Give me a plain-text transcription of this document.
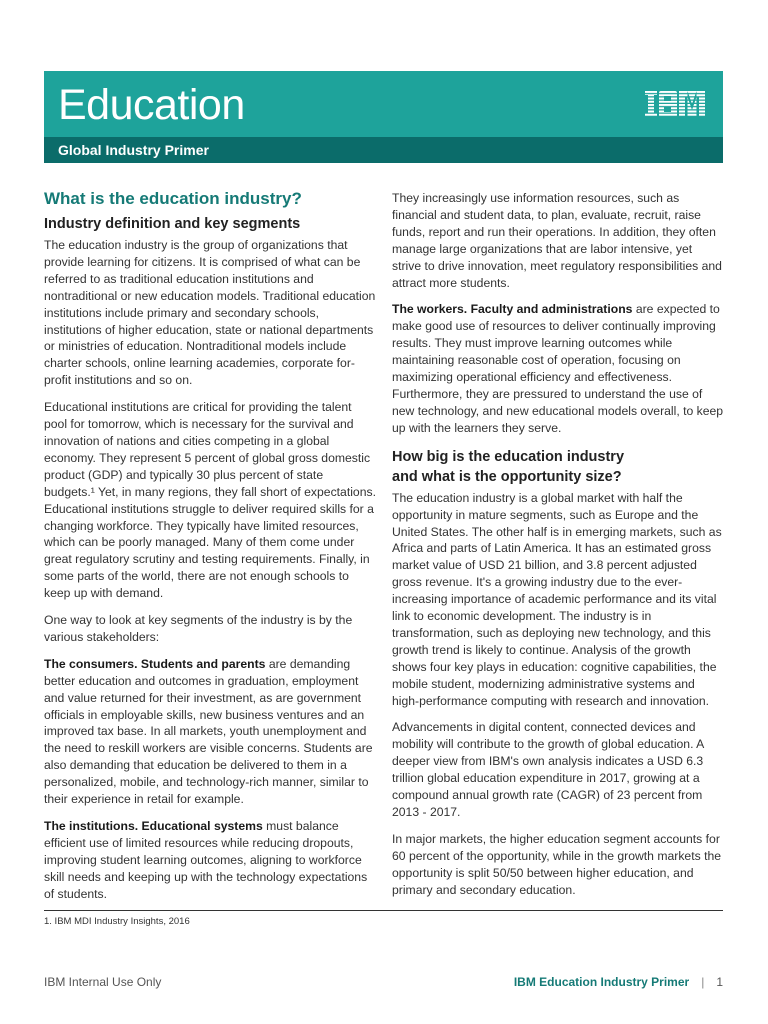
Education
Global Industry Primer
What is the education industry?
Industry definition and key segments

The education industry is the group of organizations that provide learning for citizens. It is comprised of what can be referred to as traditional education institutions and nontraditional or new education models. Traditional education institutions include primary and secondary schools, institutions of higher education, state or national departments or ministries of education. Nontraditional models include charter schools, online learning academies, corporate for-profit institutions and so on.

Educational institutions are critical for providing the talent pool for tomorrow, which is necessary for the survival and innovation of nations and cities competing in a global economy. They represent 5 percent of global gross domestic product (GDP) and typically 30 plus percent of state budgets.¹ Yet, in many regions, they fall short of expectations. Educational institutions struggle to deliver required skills for a changing workforce. They typically have limited resources, which can be poorly managed. Many of them come under great regulatory scrutiny and testing requirements. Finally, in some parts of the world, there are not enough schools to keep up with demand.

One way to look at key segments of the industry is by the various stakeholders:

The consumers. Students and parents are demanding better education and outcomes in graduation, employment and value returned for their investment, as are government officials in employable skills, new business ventures and an improved tax base. In all markets, youth unemployment and the need to reskill workers are visible concerns. Students are also demanding that education be delivered to them in a personalized, mobile, and technology-rich manner, similar to their experience in retail for example.

The institutions. Educational systems must balance efficient use of limited resources while reducing dropouts, improving student learning outcomes, aligning to workforce skill needs and keeping up with the technology expectations of students.

They increasingly use information resources, such as financial and student data, to plan, evaluate, recruit, raise funds, report and run their operations. In addition, they often manage large organizations that are labor intensive, yet strive to drive innovation, meet regulatory responsibilities and attract more students.

The workers. Faculty and administrations are expected to make good use of resources to deliver continually improving results. They must improve learning outcomes while maintaining reasonable cost of operation, focusing on maximizing operational efficiency and effectiveness. Furthermore, they are pressured to understand the use of new technology, and new educational models overall, to keep up with the learners they serve.

How big is the education industry
and what is the opportunity size?

The education industry is a global market with half the opportunity in mature segments, such as Europe and the United States. The other half is in emerging markets, such as Africa and parts of Latin America. It has an estimated gross market value of USD 21 billion, and 3.8 percent adjusted gross revenue. It's a growing industry due to the ever-increasing importance of academic performance and its vital link to economic development. The industry is in transformation, such as deploying new technology, and this growth trend is likely to continue. Analysis of the growth shows four key plays in education: cognitive capabilities, the mobile student, modernizing administrative systems and high-performance computing with research and innovation.

Advancements in digital content, connected devices and mobility will contribute to the growth of global education. A deeper view from IBM's own analysis indicates a USD 6.3 trillion global education expenditure in 2017, growing at a compound annual growth rate (CAGR) of 23 percent from 2013 - 2017.

In major markets, the higher education segment accounts for 60 percent of the opportunity, while in the growth markets the opportunity is split 50/50 between higher education, and primary and secondary education.

1. IBM MDI Industry Insights, 2016
IBM Internal Use Only	IBM Education Industry Primer | 1
